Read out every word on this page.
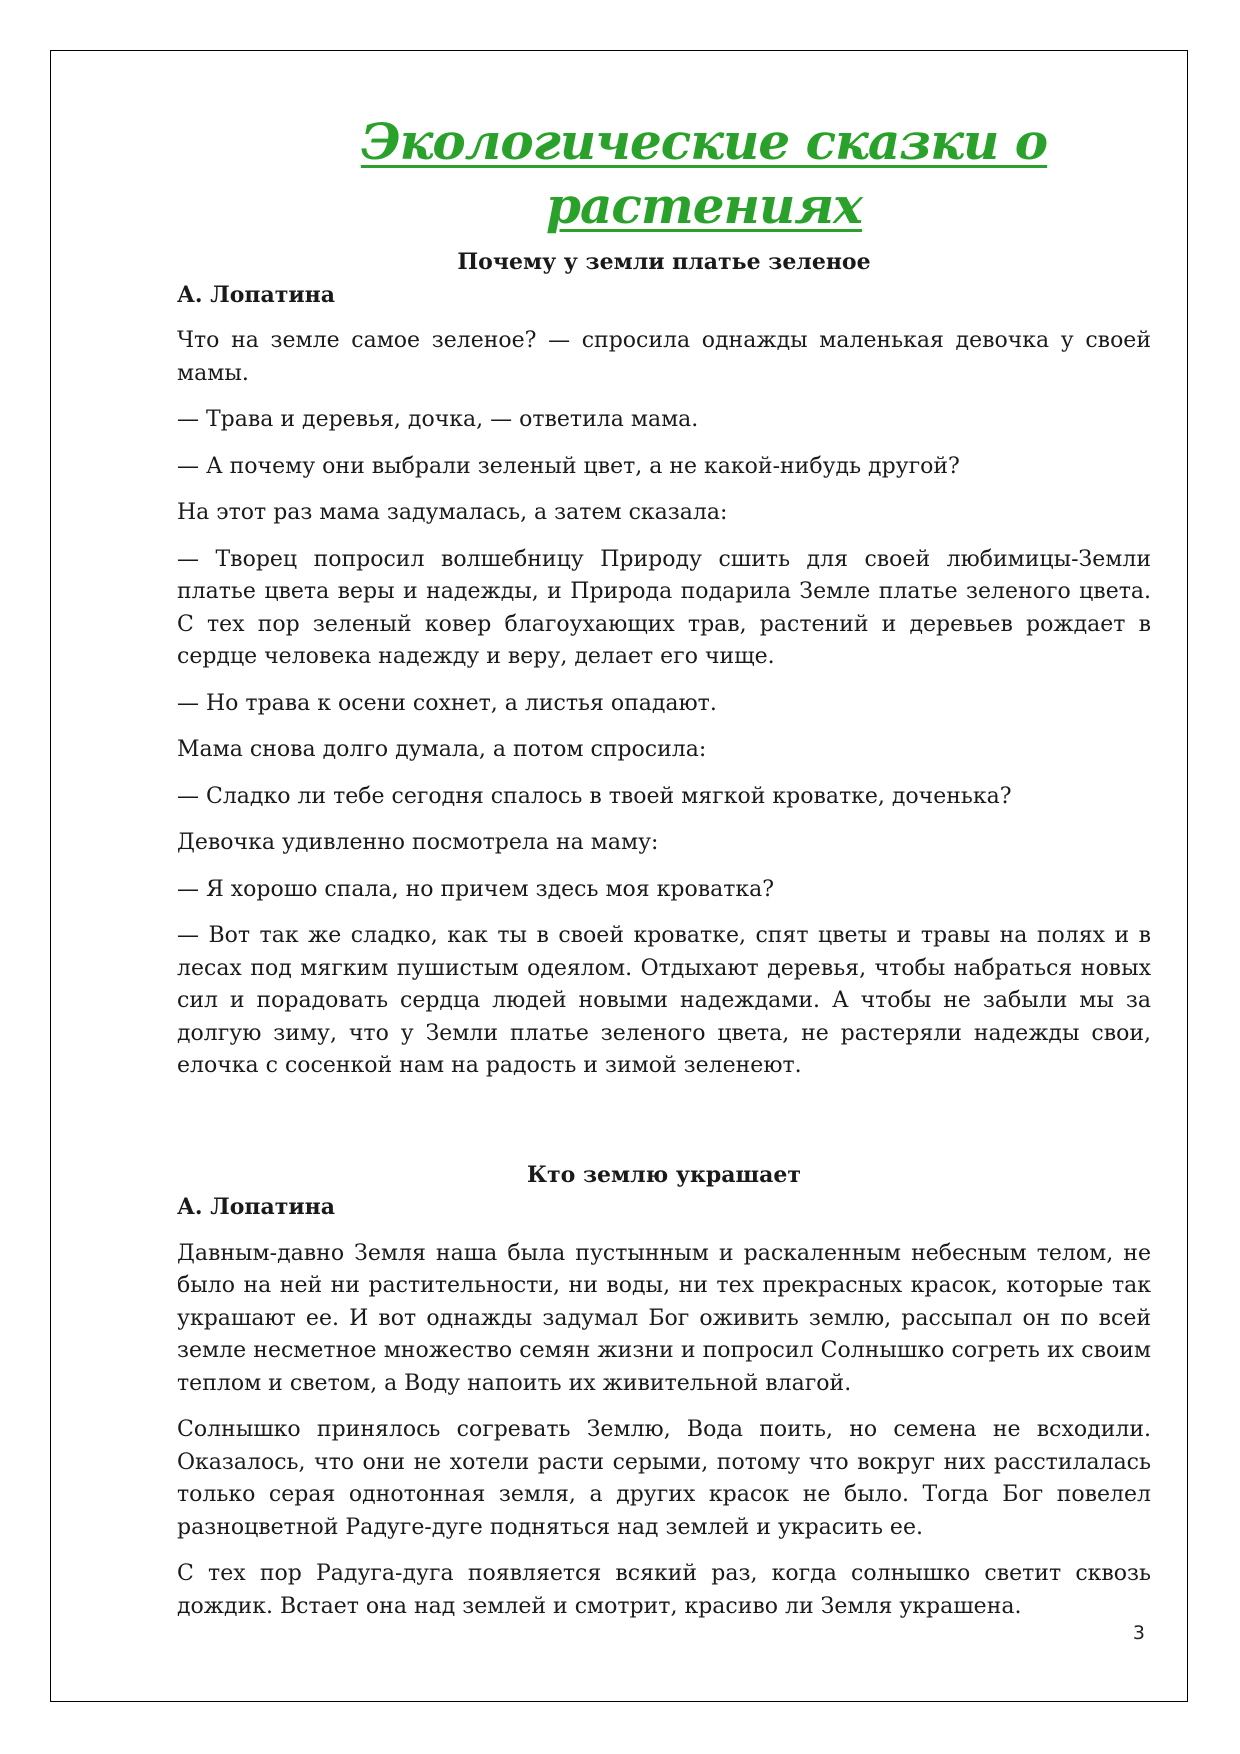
Экологические сказки о растениях
Почему у земли платье зеленое
А. Лопатина

Что на земле самое зеленое? — спросила однажды маленькая девочка у своей мамы.

— Трава и деревья, дочка, — ответила мама.

— А почему они выбрали зеленый цвет, а не какой-нибудь другой?

На этот раз мама задумалась, а затем сказала:

— Творец попросил волшебницу Природу сшить для своей любимицы-Земли платье цвета веры и надежды, и Природа подарила Земле платье зеленого цвета. С тех пор зеленый ковер благоухающих трав, растений и деревьев рождает в сердце человека надежду и веру, делает его чище.

— Но трава к осени сохнет, а листья опадают.

Мама снова долго думала, а потом спросила:

— Сладко ли тебе сегодня спалось в твоей мягкой кроватке, доченька?

Девочка удивленно посмотрела на маму:

— Я хорошо спала, но причем здесь моя кроватка?

— Вот так же сладко, как ты в своей кроватке, спят цветы и травы на полях и в лесах под мягким пушистым одеялом. Отдыхают деревья, чтобы набраться новых сил и порадовать сердца людей новыми надеждами. А чтобы не забыли мы за долгую зиму, что у Земли платье зеленого цвета, не растеряли надежды свои, елочка с сосенкой нам на радость и зимой зеленеют.

Кто землю украшает
А. Лопатина

Давным-давно Земля наша была пустынным и раскаленным небесным телом, не было на ней ни растительности, ни воды, ни тех прекрасных красок, которые так украшают ее. И вот однажды задумал Бог оживить землю, рассыпал он по всей земле несметное множество семян жизни и попросил Солнышко согреть их своим теплом и светом, а Воду напоить их живительной влагой.

Солнышко принялось согревать Землю, Вода поить, но семена не всходили. Оказалось, что они не хотели расти серыми, потому что вокруг них расстилалась только серая однотонная земля, а других красок не было. Тогда Бог повелел разноцветной Радуге-дуге подняться над землей и украсить ее.

С тех пор Радуга-дуга появляется всякий раз, когда солнышко светит сквозь дождик. Встает она над землей и смотрит, красиво ли Земля украшена.

3
